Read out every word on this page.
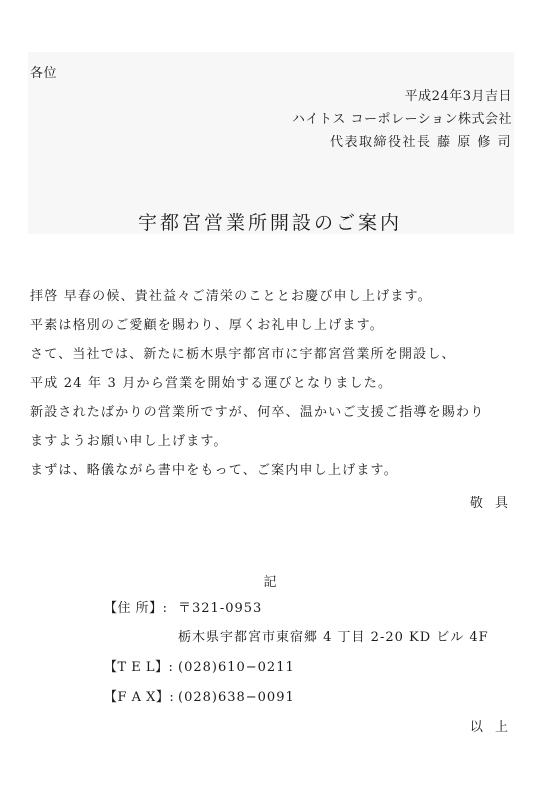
各位
平成24年3月吉日
ハイトス コーポレーション株式会社
代表取締役社長 藤 原 修 司
宇都宮営業所開設のご案内

拝啓 早春の候、貴社益々ご清栄のこととお慶び申し上げます。

平素は格別のご愛顧を賜わり、厚くお礼申し上げます。

さて、当社では、新たに栃木県宇都宮市に宇都宮営業所を開設し、

平成 24 年 3 月から営業を開始する運びとなりました。

新設されたばかりの営業所ですが、何卒、温かいご支援ご指導を賜わり

ますようお願い申し上げます。

まずは、略儀ながら書中をもって、ご案内申し上げます。

敬 具
記
【住 所】: 〒321-0953
栃木県宇都宮市東宿郷 4 丁目 2-20 KD ビル 4F
【T E L】: (028)610−0211
【F A X】: (028)638−0091
以 上
